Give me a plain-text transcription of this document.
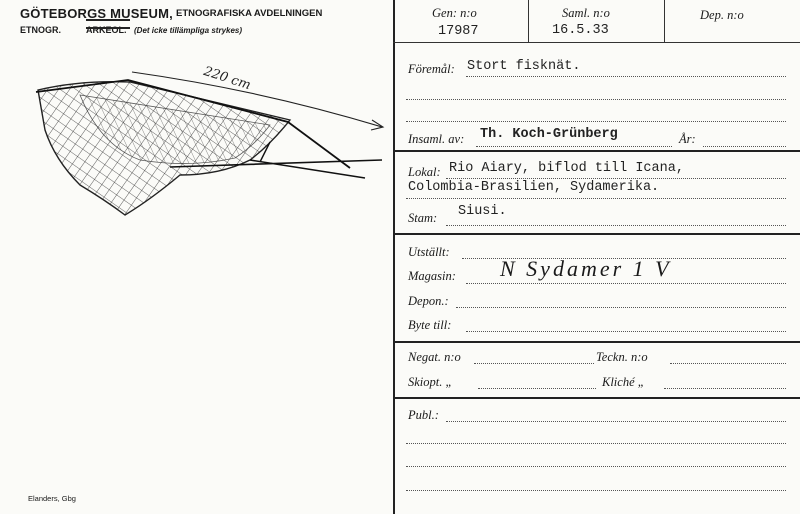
GÖTEBORGS MUSEUM, ETNOGRAFISKA AVDELNINGEN
ETNOGR.	ARKEOL. (Det icke tillämpliga strykes)
220 cm
Elanders, Gbg
Gen: n:o
17987
Saml. n:o
16.5.33
Dep. n:o
Föremål: Stort fisknät.
Insaml. av: Th. Koch-Grünberg	År:
Lokal: Rio Aiary, biflod till Icana,
Colombia-Brasilien, Sydamerika.
Stam: Siusi.
Utställt:
Magasin: N Sydamer 1 V
Depon.:
Byte till:
Negat. n:o	Teckn. n:o
Skiopt. „	Kliché „
Publ.:
